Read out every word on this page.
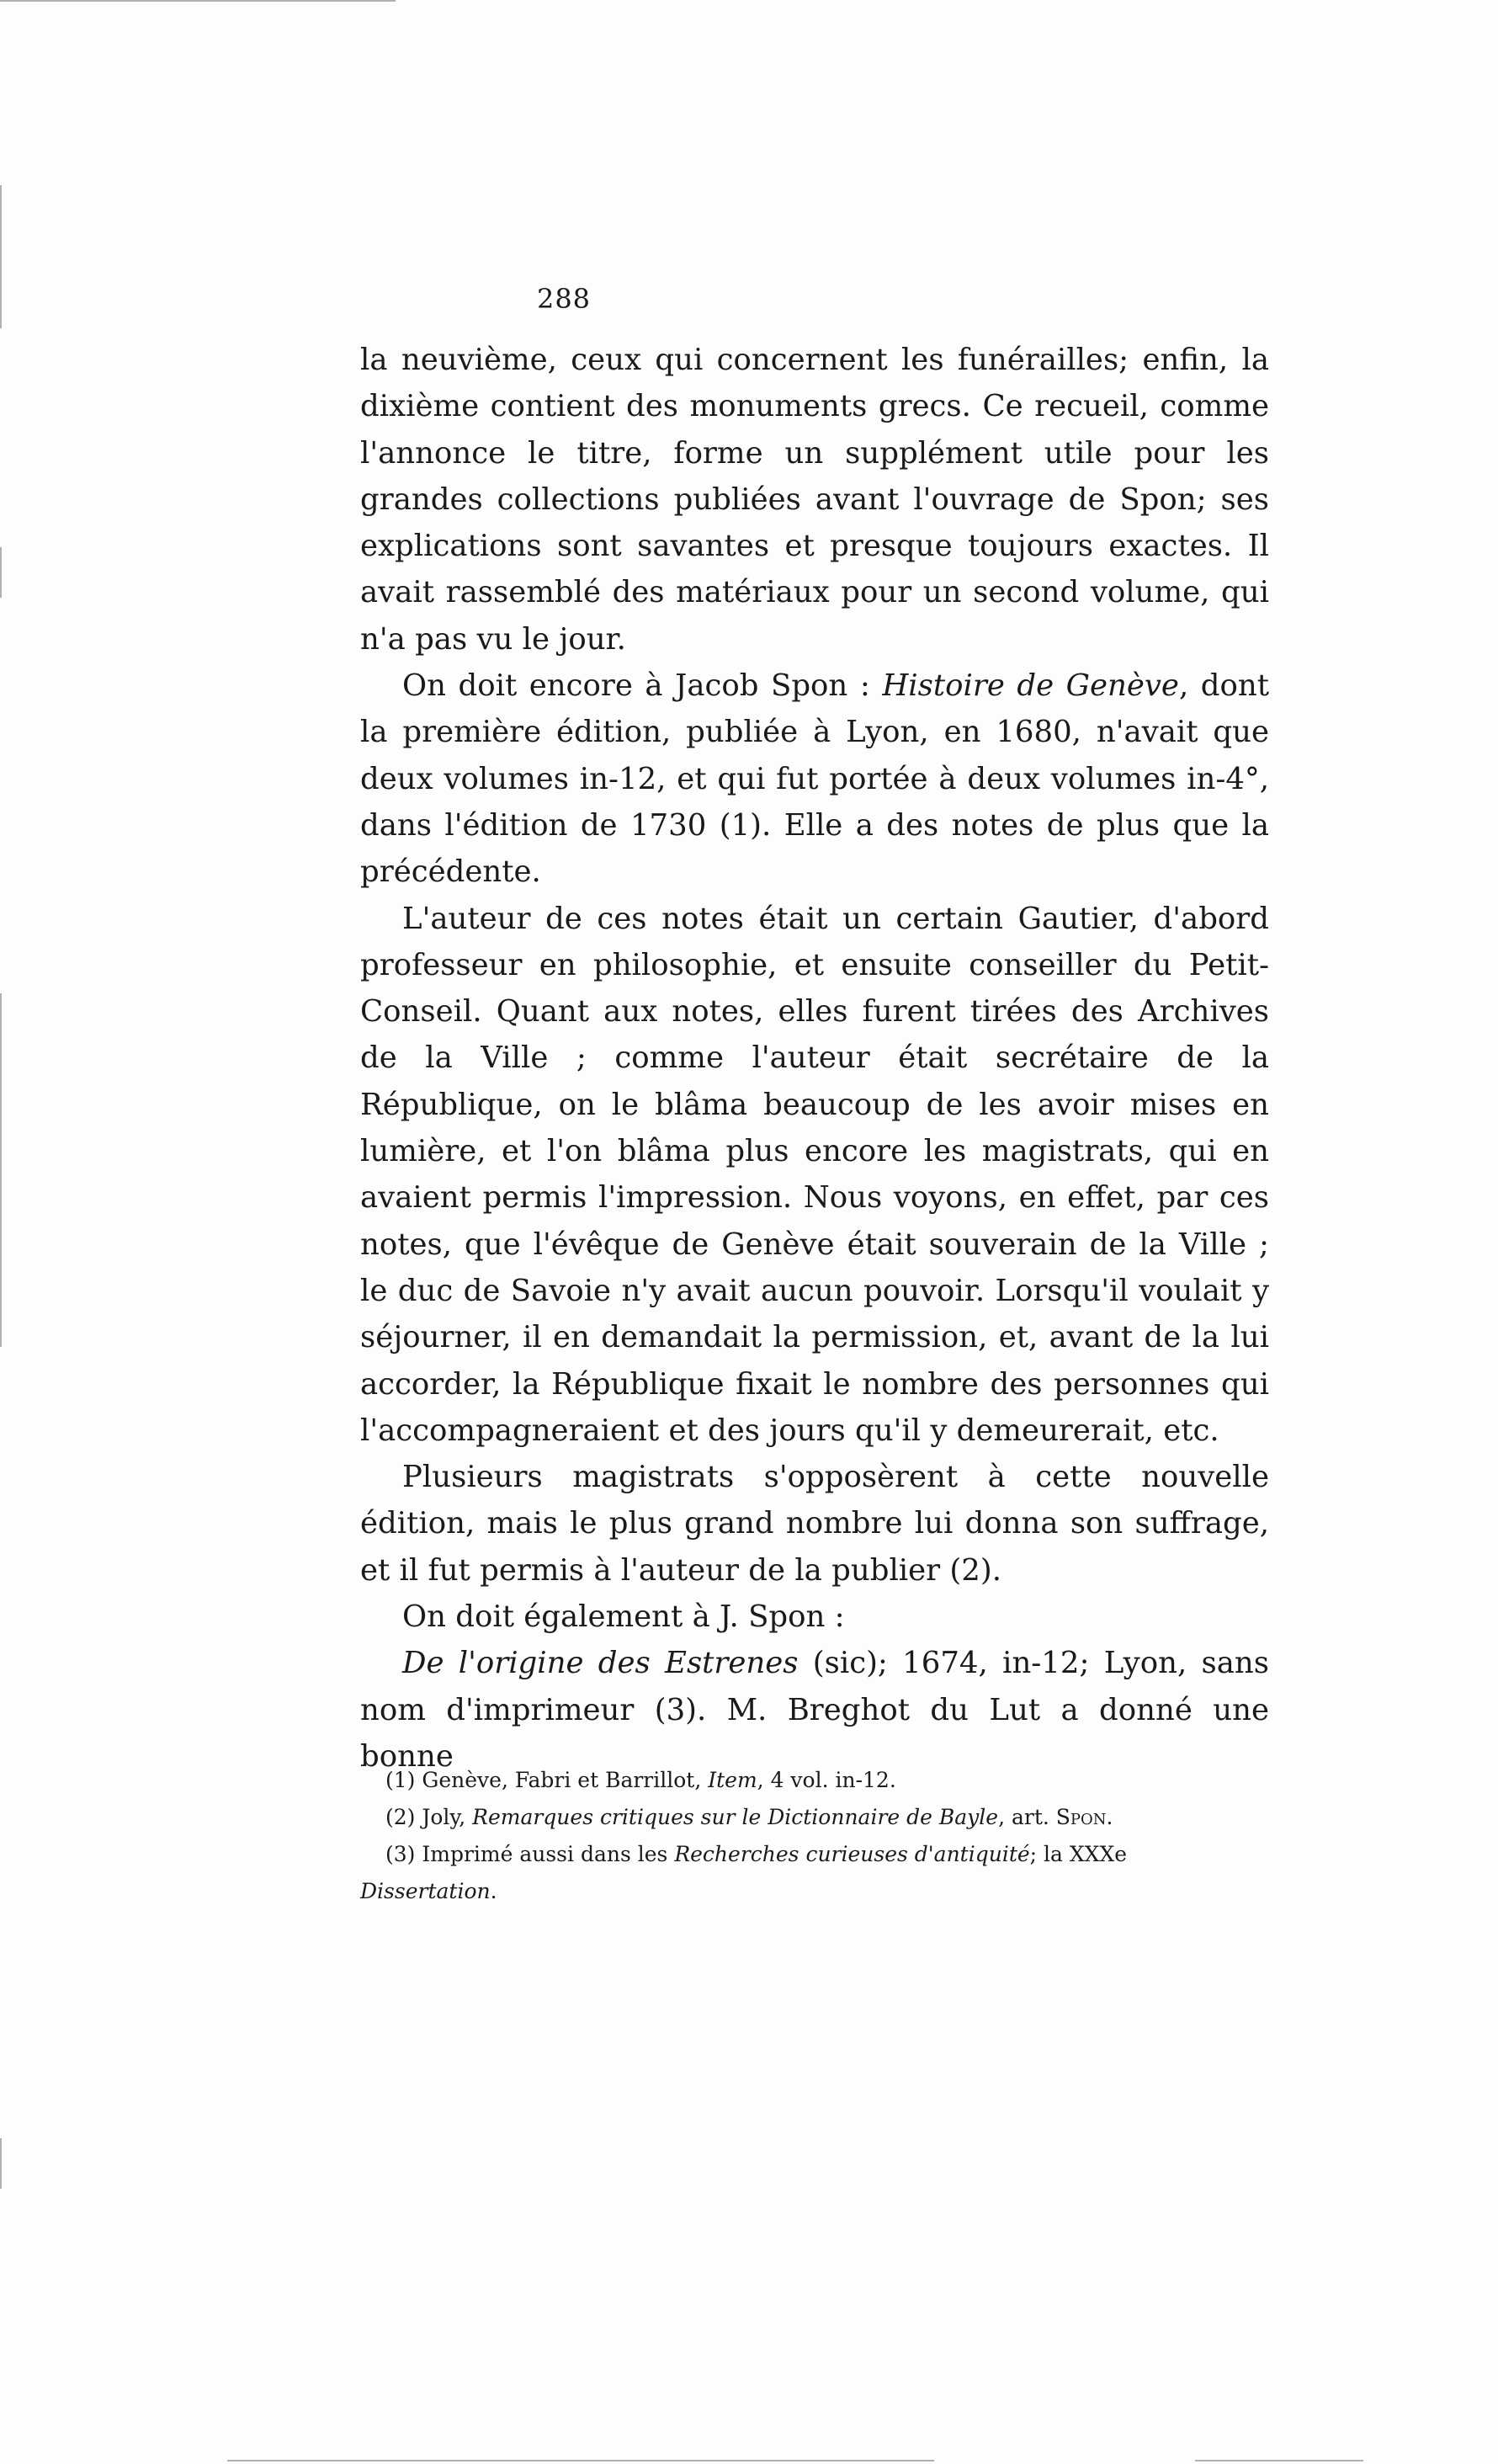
288

la neuvième, ceux qui concernent les funérailles; enfin, la dixième contient des monuments grecs. Ce recueil, comme l'annonce le titre, forme un supplément utile pour les grandes collections publiées avant l'ouvrage de Spon; ses explications sont savantes et presque toujours exactes. Il avait rassemblé des matériaux pour un second volume, qui n'a pas vu le jour.

On doit encore à Jacob Spon : Histoire de Genève, dont la première édition, publiée à Lyon, en 1680, n'avait que deux volumes in-12, et qui fut portée à deux volumes in-4°, dans l'édition de 1730 (1). Elle a des notes de plus que la précédente.

L'auteur de ces notes était un certain Gautier, d'abord professeur en philosophie, et ensuite conseiller du Petit-Conseil. Quant aux notes, elles furent tirées des Archives de la Ville ; comme l'auteur était secrétaire de la République, on le blâma beaucoup de les avoir mises en lumière, et l'on blâma plus encore les magistrats, qui en avaient permis l'impression. Nous voyons, en effet, par ces notes, que l'évêque de Genève était souverain de la Ville ; le duc de Savoie n'y avait aucun pouvoir. Lorsqu'il voulait y séjourner, il en demandait la permission, et, avant de la lui accorder, la République fixait le nombre des personnes qui l'accompagneraient et des jours qu'il y demeurerait, etc.

Plusieurs magistrats s'opposèrent à cette nouvelle édition, mais le plus grand nombre lui donna son suffrage, et il fut permis à l'auteur de la publier (2).

On doit également à J. Spon :

De l'origine des Estrenes (sic); 1674, in-12; Lyon, sans nom d'imprimeur (3). M. Breghot du Lut a donné une bonne

(1) Genève, Fabri et Barrillot, Item, 4 vol. in-12.

(2) Joly, Remarques critiques sur le Dictionnaire de Bayle, art. Spon.

(3) Imprimé aussi dans les Recherches curieuses d'antiquité; la XXXe Dissertation.
